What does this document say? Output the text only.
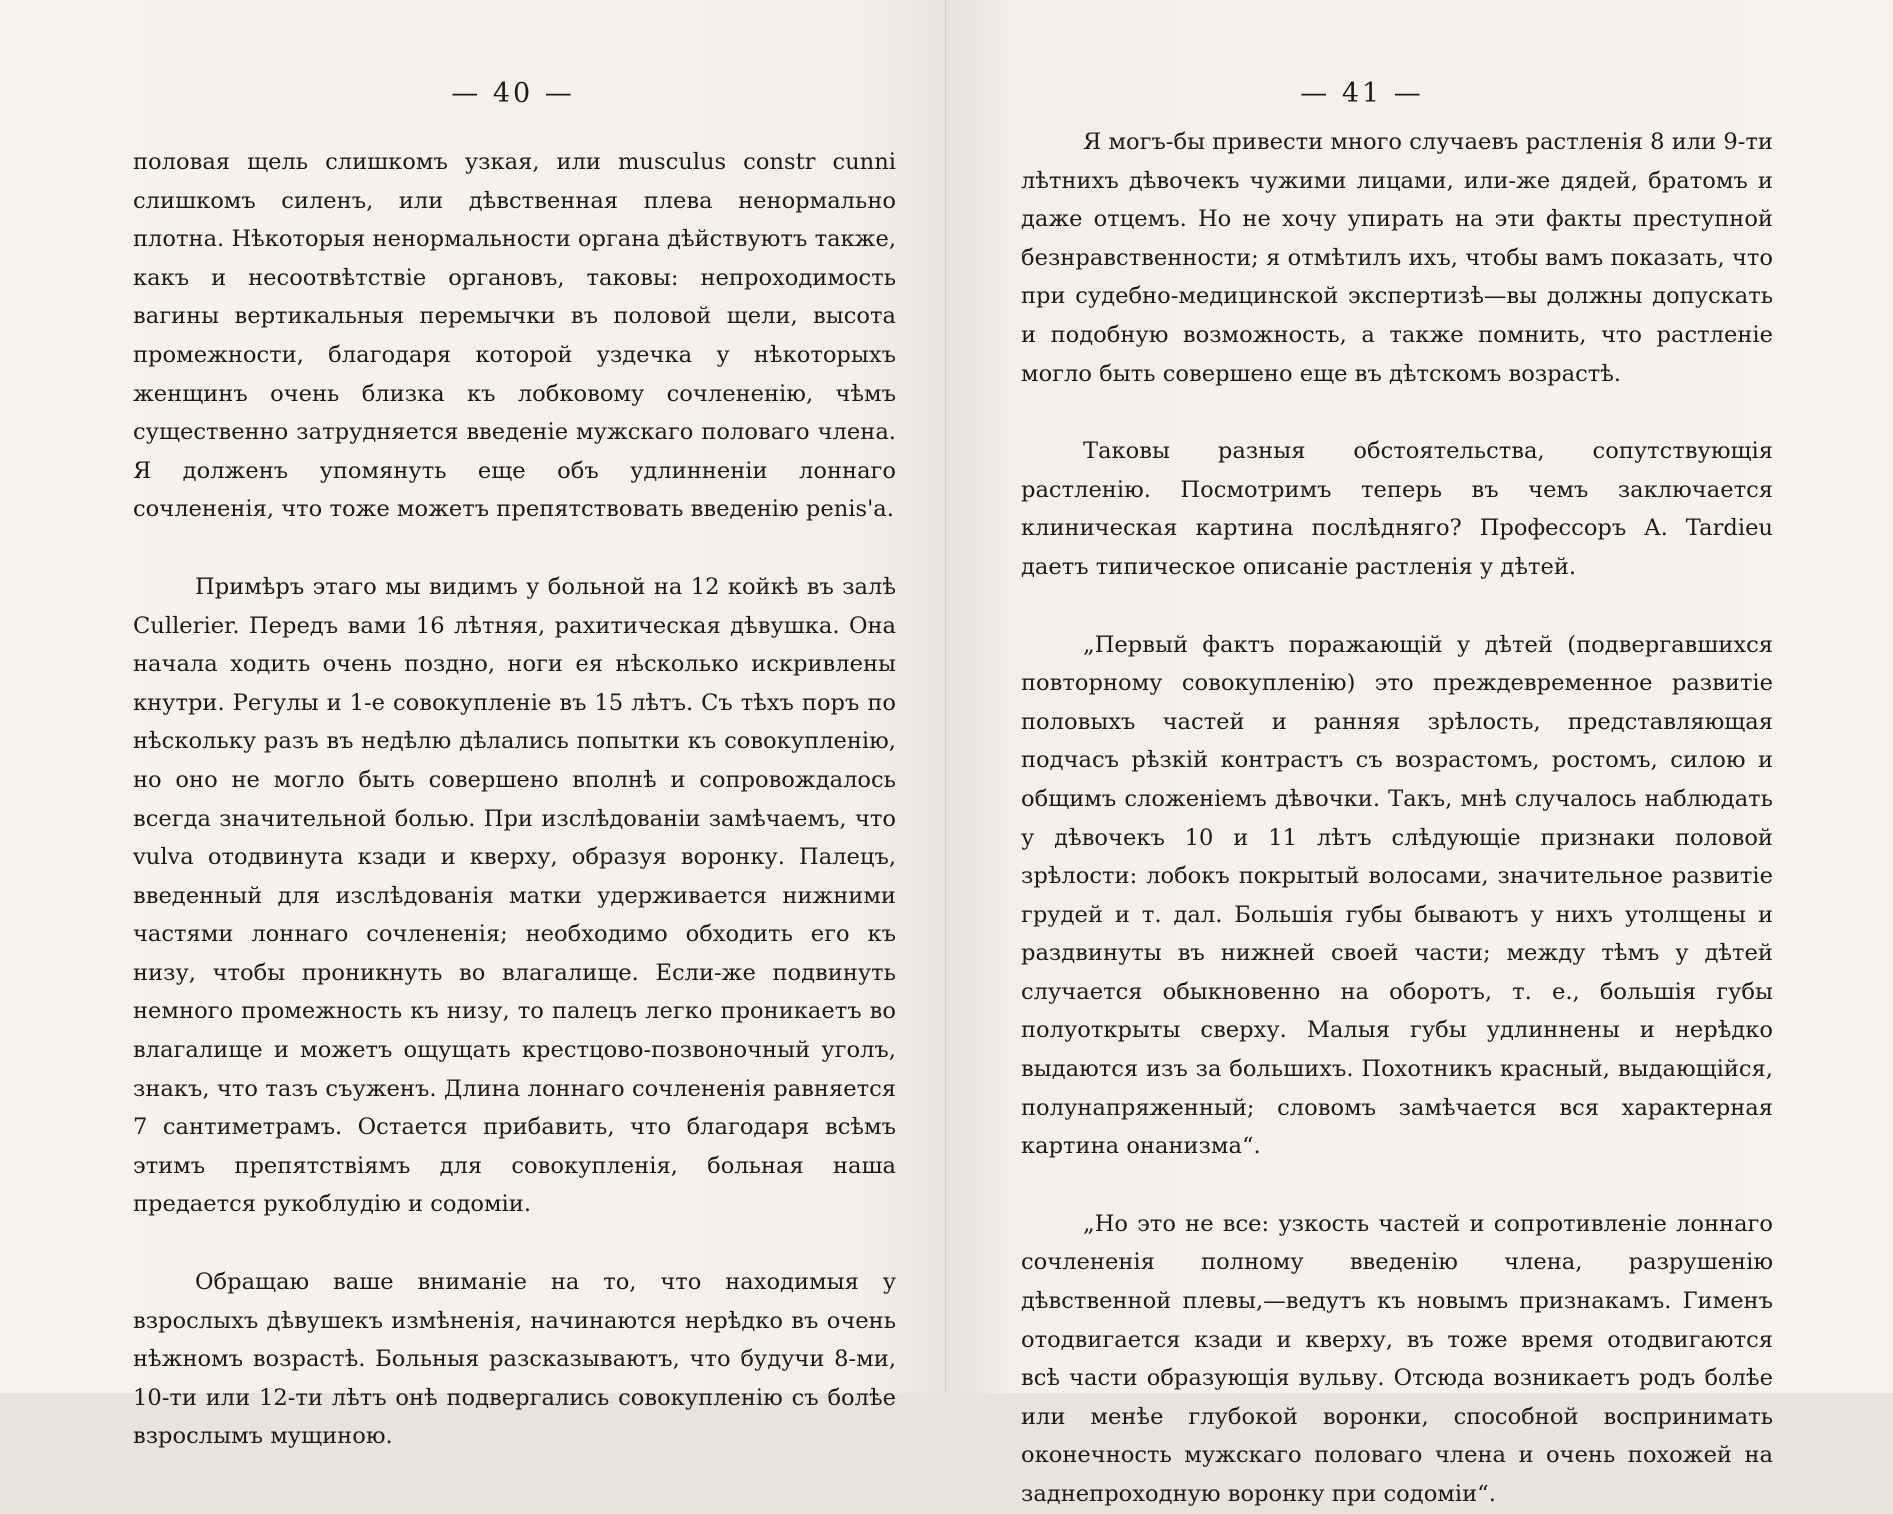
— 40 —

половая щель слишкомъ узкая, или musculus constr cunni слишкомъ силенъ, или дѣвственная плева ненормально плотна. Нѣкоторыя ненормальности органа дѣйствуютъ также, какъ и несоотвѣтствіе органовъ, таковы: непроходимость вагины вертикальныя перемычки въ половой щели, высота промежности, благодаря которой уздечка у нѣкоторыхъ женщинъ очень близка къ лобковому сочлененію, чѣмъ существенно затрудняется введеніе мужскаго половаго члена. Я долженъ упомянуть еще объ удлинненіи лоннаго сочлененія, что тоже можетъ препятствовать введенію penis'а.

Примѣръ этаго мы видимъ у больной на 12 койкѣ въ залѣ Cullerier. Передъ вами 16 лѣтняя, рахитическая дѣвушка. Она начала ходить очень поздно, ноги ея нѣсколько искривлены кнутри. Регулы и 1-е совокупленіе въ 15 лѣтъ. Съ тѣхъ поръ по нѣскольку разъ въ недѣлю дѣлались попытки къ совокупленію, но оно не могло быть совершено вполнѣ и сопровождалось всегда значительной болью. При изслѣдованіи замѣчаемъ, что vulva отодвинута кзади и кверху, образуя воронку. Палецъ, введенный для изслѣдованія матки удерживается нижними частями лоннаго сочлененія; необходимо обходить его къ низу, чтобы проникнуть во влагалище. Если-же подвинуть немного промежность къ низу, то палецъ легко проникаетъ во влагалище и можетъ ощущать крестцово-позвоночный уголъ, знакъ, что тазъ съуженъ. Длина лоннаго сочлененія равняется 7 сантиметрамъ. Остается прибавить, что благодаря всѣмъ этимъ препятствіямъ для совокупленія, больная наша предается рукоблудію и содоміи.

Обращаю ваше вниманіе на то, что находимыя у взрослыхъ дѣвушекъ измѣненія, начинаются нерѣдко въ очень нѣжномъ возрастѣ. Больныя разсказываютъ, что будучи 8-ми, 10-ти или 12-ти лѣтъ онѣ подвергались совокупленію съ болѣе взрослымъ мущиною.

— 41 —

Я могъ-бы привести много случаевъ растленія 8 или 9-ти лѣтнихъ дѣвочекъ чужими лицами, или-же дядей, братомъ и даже отцемъ. Но не хочу упирать на эти факты преступной безнравственности; я отмѣтилъ ихъ, чтобы вамъ показать, что при судебно-медицинской экспертизѣ—вы должны допускать и подобную возможность, а также помнить, что растленіе могло быть совершено еще въ дѣтскомъ возрастѣ.

Таковы разныя обстоятельства, сопутствующія растленію. Посмотримъ теперь въ чемъ заключается клиническая картина послѣдняго? Профессоръ A. Tardieu даетъ типическое описаніе растленія у дѣтей.

„Первый фактъ поражающій у дѣтей (подвергавшихся повторному совокупленію) это преждевременное развитіе половыхъ частей и ранняя зрѣлость, представляющая подчасъ рѣзкій контрастъ съ возрастомъ, ростомъ, силою и общимъ сложеніемъ дѣвочки. Такъ, мнѣ случалось наблюдать у дѣвочекъ 10 и 11 лѣтъ слѣдующіе признаки половой зрѣлости: лобокъ покрытый волосами, значительное развитіе грудей и т. дал. Большія губы бываютъ у нихъ утолщены и раздвинуты въ нижней своей части; между тѣмъ у дѣтей случается обыкновенно на оборотъ, т. е., большія губы полуоткрыты сверху. Малыя губы удлиннены и нерѣдко выдаются изъ за большихъ. Похотникъ красный, выдающійся, полунапряженный; словомъ замѣчается вся характерная картина онанизма“.

„Но это не все: узкость частей и сопротивленіе лоннаго сочлененія полному введенію члена, разрушенію дѣвственной плевы,—ведутъ къ новымъ признакамъ. Гименъ отодвигается кзади и кверху, въ тоже время отодвигаются всѣ части образующія вульву. Отсюда возникаетъ родъ болѣе или менѣе глубокой воронки, способной воспринимать оконечность мужскаго половаго члена и очень похожей на заднепроходную воронку при содоміи“.
